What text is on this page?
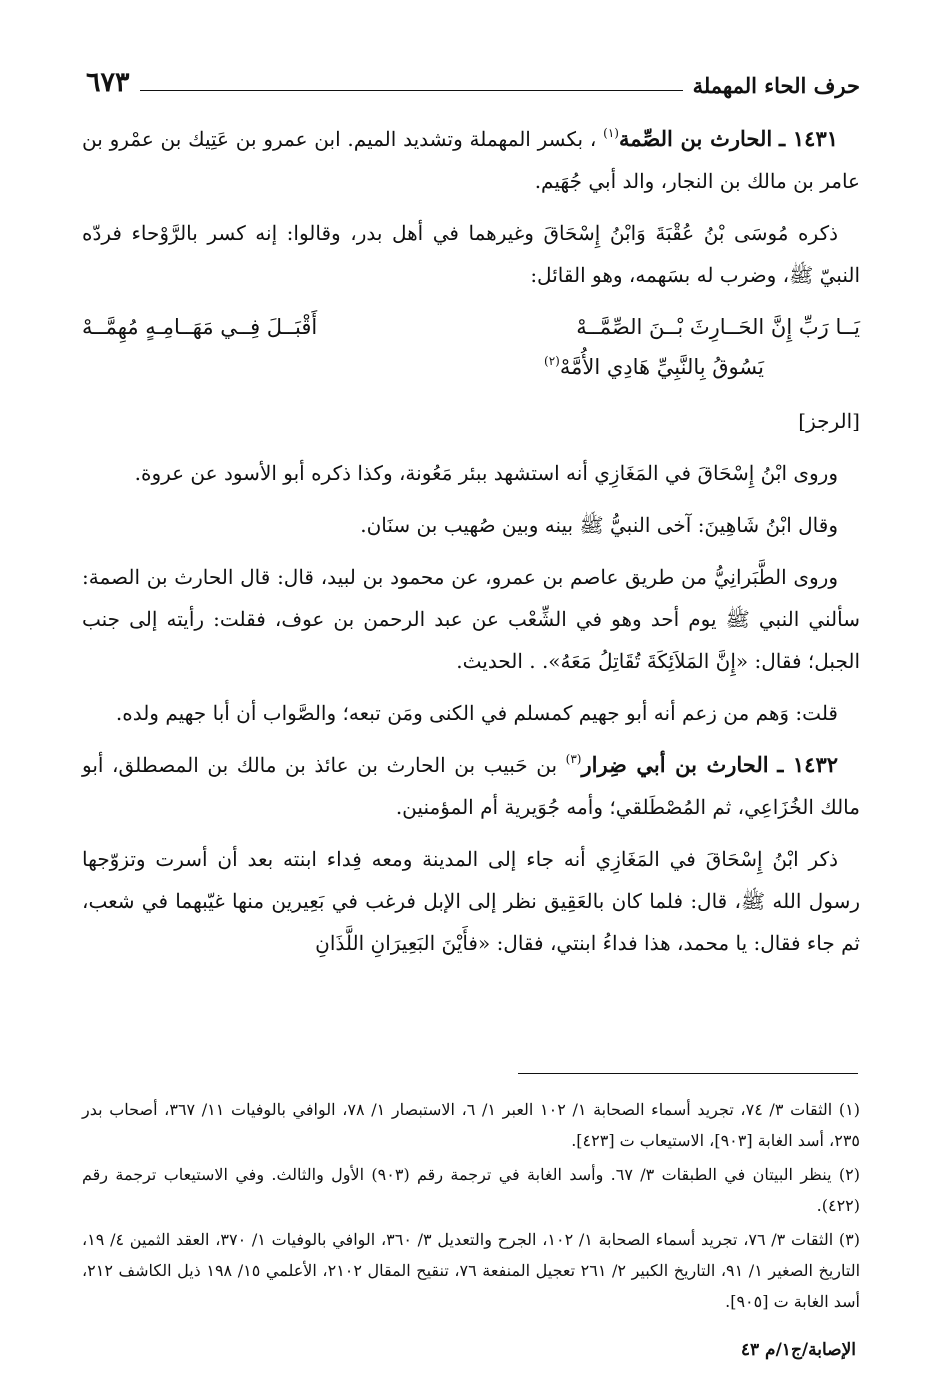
حرف الحاء المهملة
٦٧٣

١٤٣١ ـ الحارث بن الصِّمة$^{(١)}$ ، بكسر المهملة وتشديد الميم. ابن عمرو بن عَتِيك بن عمْرو بن عامر بن مالك بن النجار، والد أبي جُهَيم.

ذكره مُوسَى بْنُ عُقْبَةَ وَابْنُ إِسْحَاقَ وغيرهما في أهل بدر، وقالوا: إنه كسر بالرَّوْحاء فردّه النبيّ ﷺ، وضرب له بسَهمه، وهو القائل:

يَــا رَبِّ إِنَّ الحَــارِثَ بْــنَ الصِّمَّــهْ
أَقْبَــلَ فِــي مَهَــامِـهٍ مُهِمَّــهْ
يَسُوقُ بِالنَّبِيِّ هَادِي الأُمَّهْ$^{(٢)}$
[الرجز]

وروى ابْنُ إِسْحَاقَ في المَغَازِي أنه استشهد ببئر مَعُونة، وكذا ذكره أبو الأسود عن عروة.

وقال ابْنُ شَاهِينَ: آخى النبيُّ ﷺ بينه وبين صُهيب بن سنَان.

وروى الطَّبَرانِيُّ من طريق عاصم بن عمرو، عن محمود بن لبيد، قال: قال الحارث بن الصمة: سألني النبي ﷺ يوم أحد وهو في الشِّعْب عن عبد الرحمن بن عوف، فقلت: رأيته إلى جنب الجبل؛ فقال: «إِنَّ المَلاَئِكَةَ تُقَاتِلُ مَعَهُ». . الحديث.

قلت: وَهم من زعم أنه أبو جهيم كمسلم في الكنى ومَن تبعه؛ والصَّواب أن أبا جهيم ولده.

١٤٣٢ ـ الحارث بن أبي ضِرار$^{(٣)}$ بن حَبيب بن الحارث بن عائذ بن مالك بن المصطلق، أبو مالك الخُزَاعِي، ثم المُصْطَلقي؛ وأمه جُوَيرية أم المؤمنين.

ذكر ابْنُ إِسْحَاقَ في المَغَازِي أنه جاء إلى المدينة ومعه فِداء ابنته بعد أن أسرت وتزوّجها رسول الله ﷺ، قال: فلما كان بالعَقِيق نظر إلى الإبل فرغب في بَعِيرين منها غيّبهما في شعب، ثم جاء فقال: يا محمد، هذا فداءُ ابنتي، فقال: «فأَيْنَ البَعِيرَانِ اللَّذَانِ

(١) الثقات ٣/ ٧٤، تجريد أسماء الصحابة ١/ ١٠٢ العبر ١/ ٦، الاستبصار ١/ ٧٨، الوافي بالوفيات ١١/ ٣٦٧، أصحاب بدر ٢٣٥، أسد الغابة [٩٠٣]، الاستيعاب ت [٤٢٣].

(٢) ينظر البيتان في الطبقات ٣/ ٦٧. وأسد الغابة في ترجمة رقم (٩٠٣) الأول والثالث. وفي الاستيعاب ترجمة رقم (٤٢٢).

(٣) الثقات ٣/ ٧٦، تجريد أسماء الصحابة ١/ ١٠٢، الجرح والتعديل ٣/ ٣٦٠، الوافي بالوفيات ١/ ٣٧٠، العقد الثمين ٤/ ١٩، التاريخ الصغير ١/ ٩١، التاريخ الكبير ٢/ ٢٦١ تعجيل المنفعة ٧٦، تنقيح المقال ٢١٠٢، الأعلمي ١٥/ ١٩٨ ذيل الكاشف ٢١٢، أسد الغابة ت [٩٠٥].

الإصابة/ج١/م ٤٣
